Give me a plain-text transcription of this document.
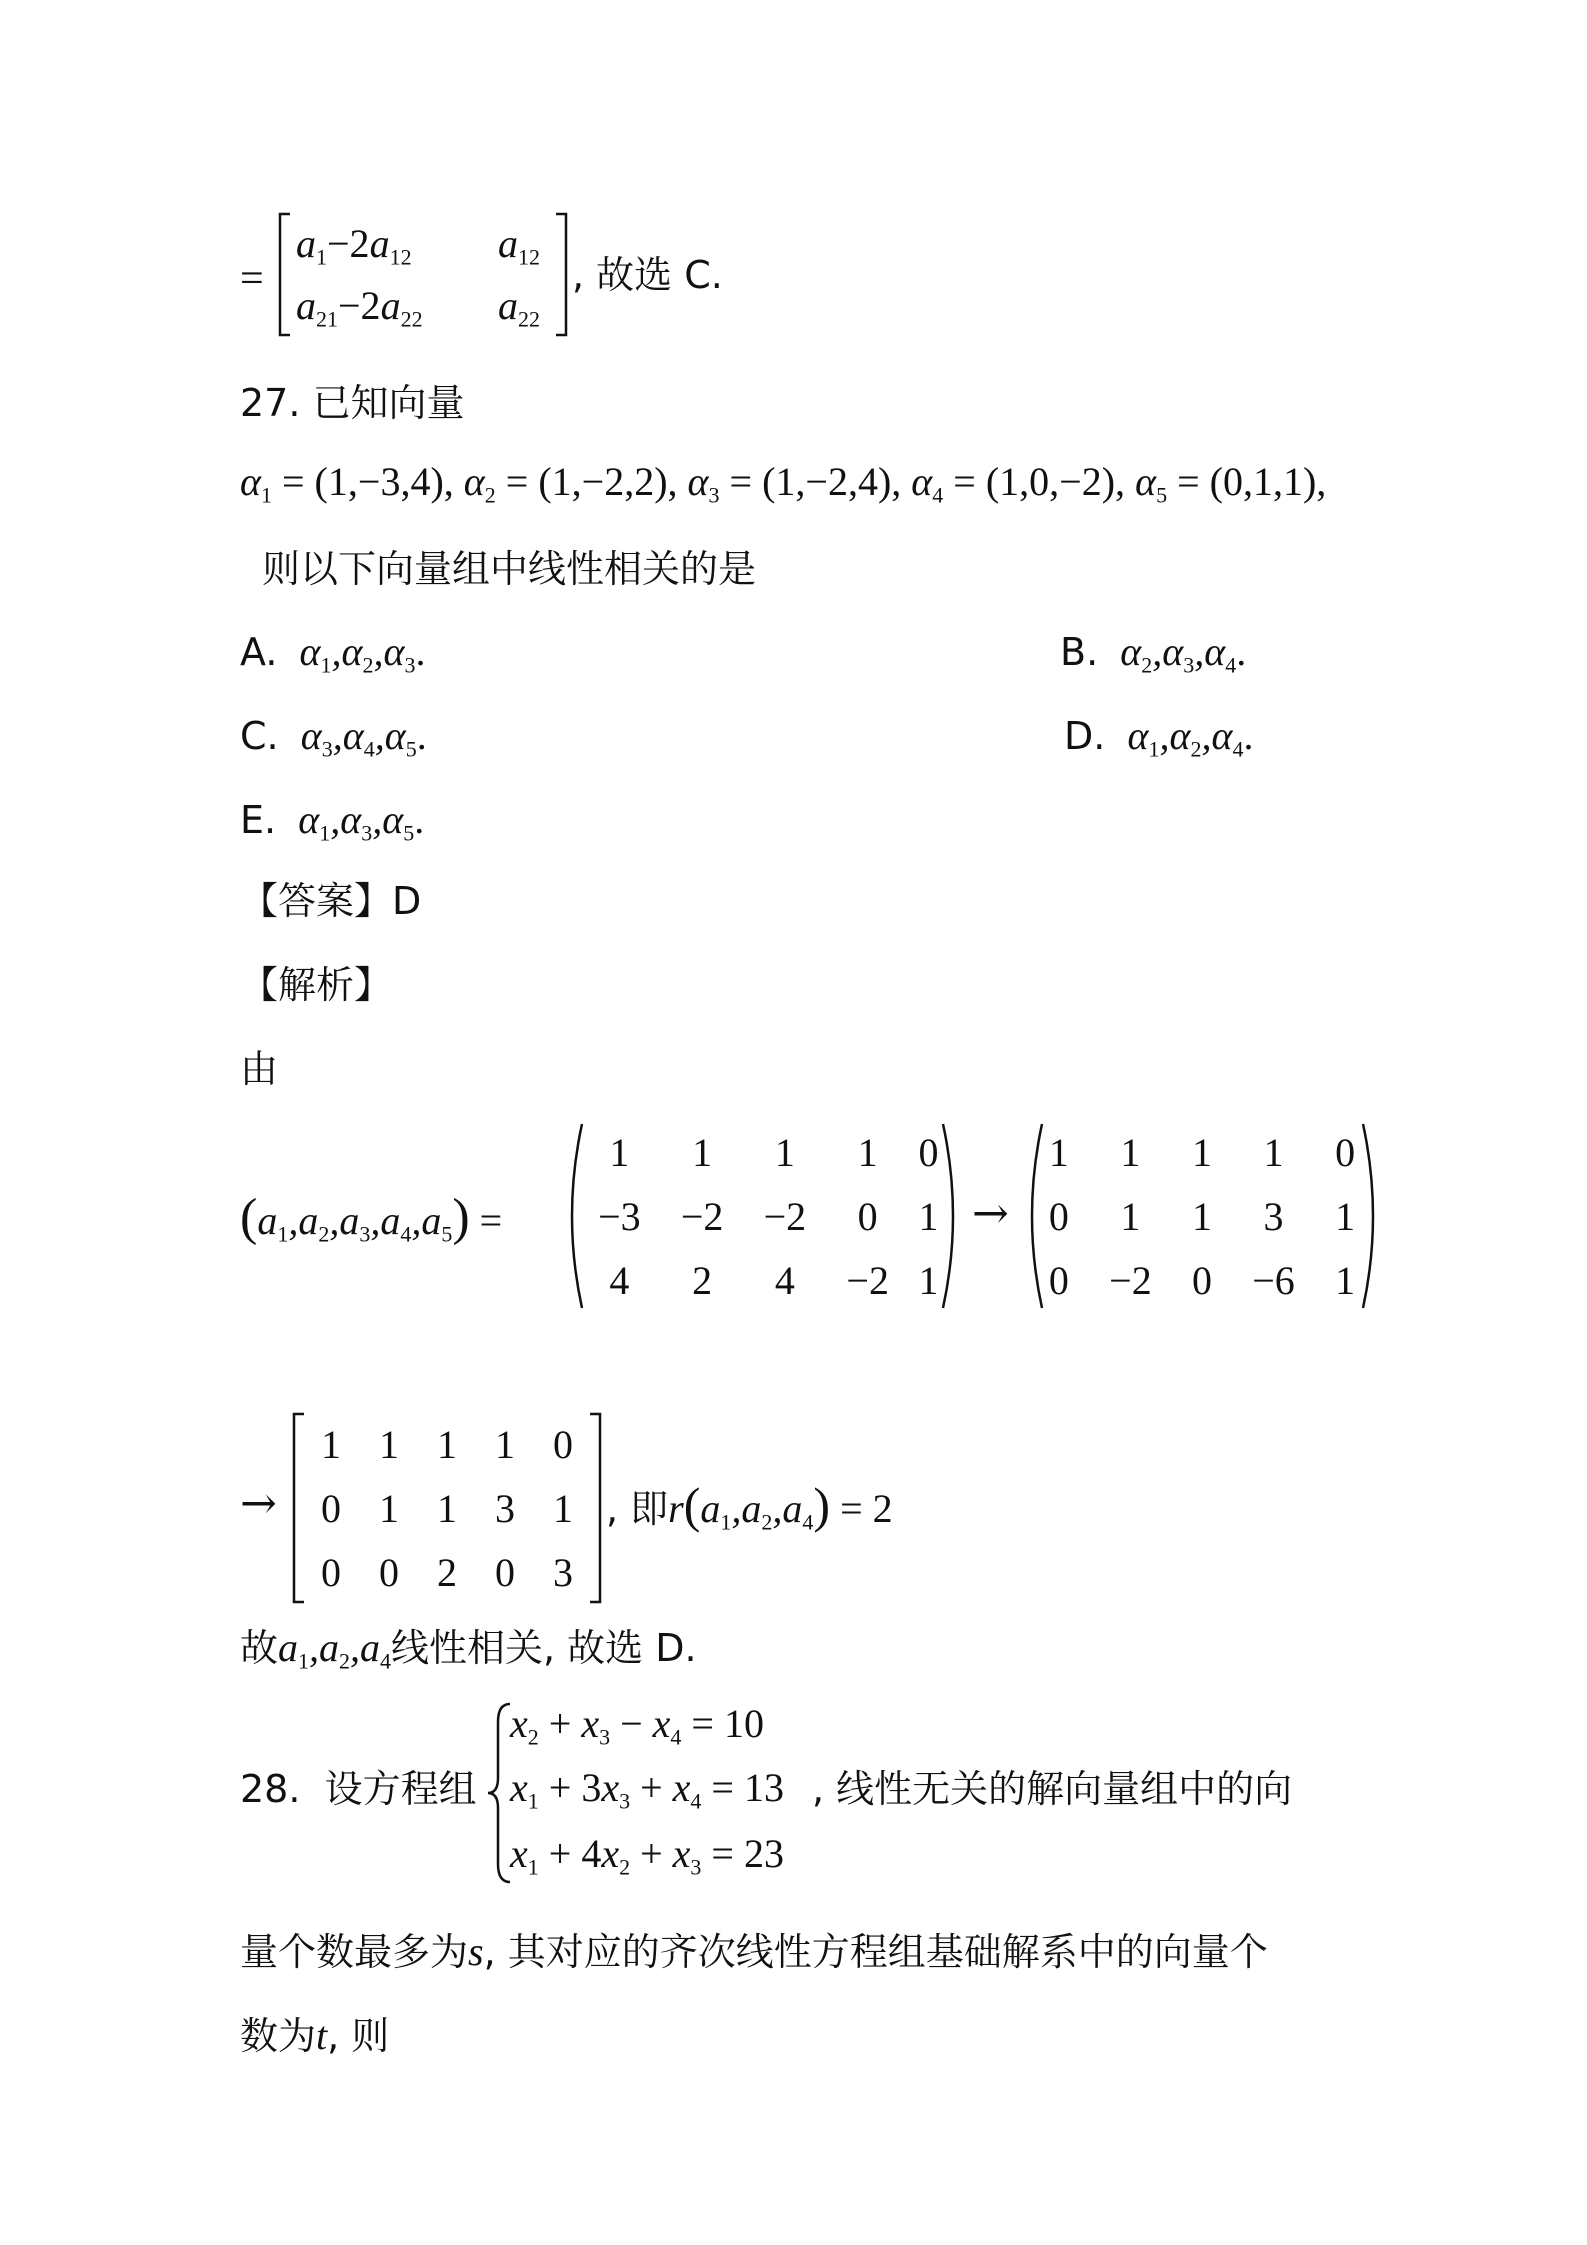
=
$a_1-2a_{12}$ $a_{12}$
$a_{21}-2a_{22}$ $a_{22}$
, 故选 C.
27. 已知向量
$\alpha_1 = (1,-3,4)$, $\alpha_2 = (1,-2,2)$, $\alpha_3 = (1,-2,4)$, $\alpha_4 = (1,0,-2)$, $\alpha_5 = (0,1,1)$,
则以下向量组中线性相关的是
A.  $\alpha_1,\alpha_2,\alpha_3$.	B.  $\alpha_2,\alpha_3,\alpha_4$.
C.  $\alpha_3,\alpha_4,\alpha_5$.	D.  $\alpha_1,\alpha_2,\alpha_4$.
E.  $\alpha_1,\alpha_3,\alpha_5$.
【答案】D
【解析】
由
$(a_1,a_2,a_3,a_4,a_5)$ =
1	1	1	1	0
−3	−2	−2	0	1
4	2	4	−2	1
→
1	1	1	1	0
0	1	1	3	1
0	−2	0	−6	1
→
1	1	1	1	0
0	1	1	3	1
0	0	2	0	3
, 即$r(a_1,a_2,a_4) = 2$
故$a_1,a_2,a_4$线性相关, 故选 D.
28. 设方程组
$x_2 + x_3 - x_4 = 10$
$x_1 + 3x_3 + x_4 = 13$
$x_1 + 4x_2 + x_3 = 23$
, 线性无关的解向量组中的向
量个数最多为s, 其对应的齐次线性方程组基础解系中的向量个
数为t, 则
